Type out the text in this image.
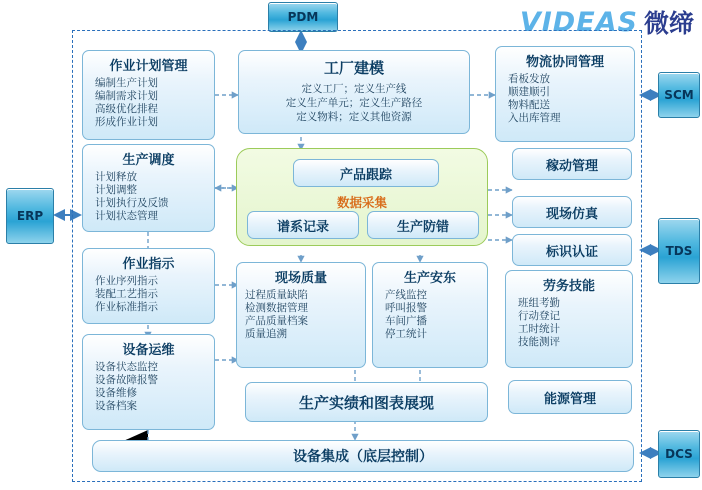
VIDEAS 微缔
PDM
SCM
ERP
TDS
DCS
作业计划管理
编制生产计划
编制需求计划
高级优化排程
形成作业计划
工厂建模
定义工厂；定义生产线
定义生产单元；定义生产路径
定义物料；定义其他资源
物流协同管理
看板发放
顺建顺引
物料配送
入出库管理
生产调度
计划释放
计划调整
计划执行及反馈
计划状态管理
产品跟踪
数据采集
谱系记录	生产防错
稼动管理
现场仿真
标识认证
作业指示
作业序列指示
装配工艺指示
作业标准指示
设备运维
设备状态监控
设备故障报警
设备维修
设备档案
现场质量
过程质量缺陷
检测数据管理
产品质量档案
质量追溯
生产安东
产线监控
呼叫报警
车间广播
停工统计
劳务技能
班组考勤
行动登记
工时统计
技能测评
生产实绩和图表展现	能源管理
设备集成（底层控制）
